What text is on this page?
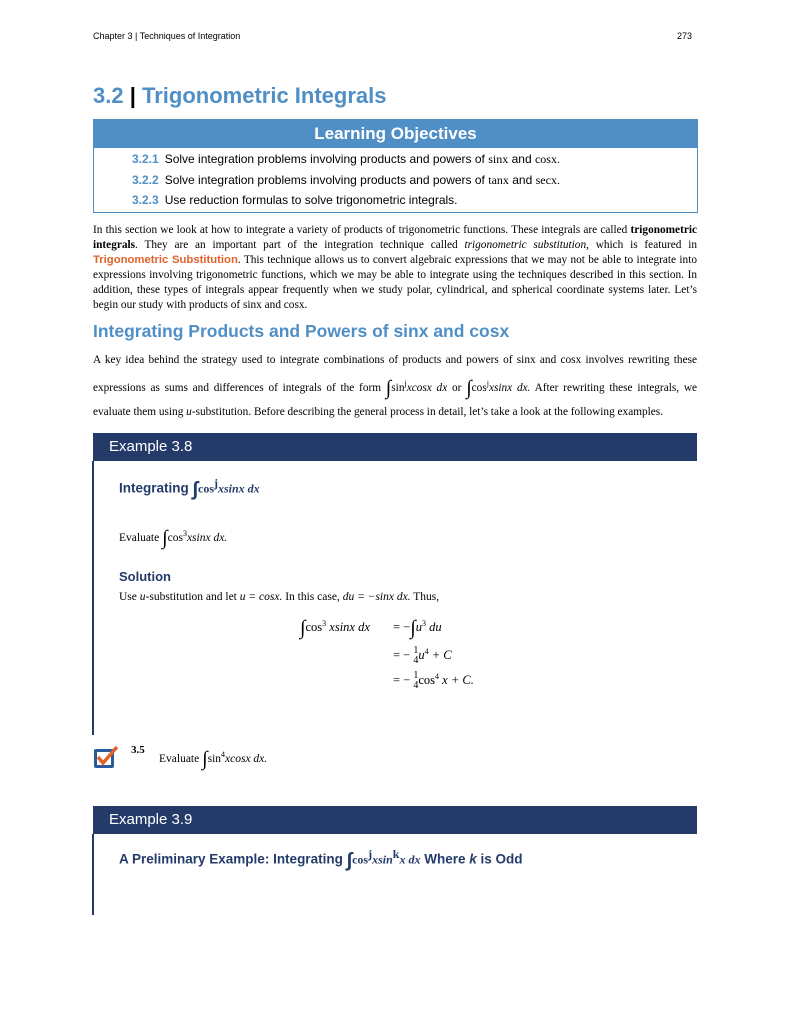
Chapter 3 | Techniques of Integration	273
3.2 | Trigonometric Integrals
Learning Objectives
3.2.1 Solve integration problems involving products and powers of sinx and cosx.
3.2.2 Solve integration problems involving products and powers of tanx and secx.
3.2.3 Use reduction formulas to solve trigonometric integrals.
In this section we look at how to integrate a variety of products of trigonometric functions. These integrals are called trigonometric integrals. They are an important part of the integration technique called trigonometric substitution, which is featured in Trigonometric Substitution. This technique allows us to convert algebraic expressions that we may not be able to integrate into expressions involving trigonometric functions, which we may be able to integrate using the techniques described in this section. In addition, these types of integrals appear frequently when we study polar, cylindrical, and spherical coordinate systems later. Let’s begin our study with products of sinx and cosx.
Integrating Products and Powers of sinx and cosx
A key idea behind the strategy used to integrate combinations of products and powers of sinx and cosx involves rewriting these expressions as sums and differences of integrals of the form $\int\sin^jxcosx$ dx or $\int\cos^jxsinx$ dx. After rewriting these integrals, we evaluate them using u-substitution. Before describing the general process in detail, let’s take a look at the following examples.
Example 3.8
Integrating $\int\cos^jxsinx$ dx
Evaluate $\int\cos^3xsinx$ dx.
Solution
Use u-substitution and let u = cosx. In this case, du = −sinx dx. Thus,
$\int\cos^3$ xsinx dx = $-\int u^3$ du
= − 1
4 $u^4 + C$
= − 1
4 $\cos^4 x + C$.
3.5
Evaluate $\int\sin^4xcosx$ dx.
Example 3.9
A Preliminary Example: Integrating $\int\cos^jxsin^kx$ dx Where k is Odd
